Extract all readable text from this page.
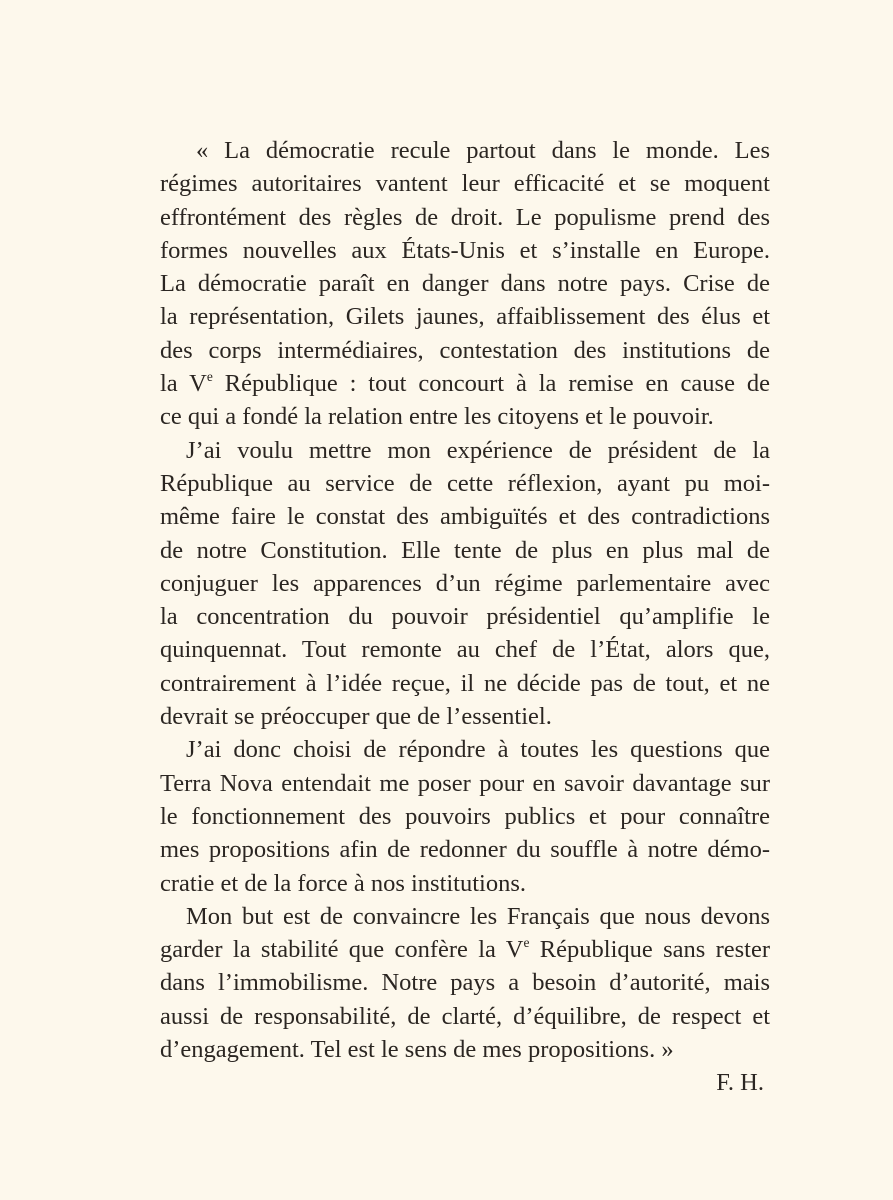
« La démocratie recule partout dans le monde. Les
régimes autoritaires vantent leur efficacité et se moquent
effrontément des règles de droit. Le populisme prend des
formes nouvelles aux États-Unis et s’installe en Europe.
La démocratie paraît en danger dans notre pays. Crise de
la représentation, Gilets jaunes, affaiblissement des élus et
des corps intermédiaires, contestation des institutions de
la Ve République : tout concourt à la remise en cause de
ce qui a fondé la relation entre les citoyens et le pouvoir.

J’ai voulu mettre mon expérience de président de la
République au service de cette réflexion, ayant pu moi-
même faire le constat des ambiguïtés et des contradictions
de notre Constitution. Elle tente de plus en plus mal de
conjuguer les apparences d’un régime parlementaire avec
la concentration du pouvoir présidentiel qu’amplifie le
quinquennat. Tout remonte au chef de l’État, alors que,
contrairement à l’idée reçue, il ne décide pas de tout, et ne
devrait se préoccuper que de l’essentiel.

J’ai donc choisi de répondre à toutes les questions que
Terra Nova entendait me poser pour en savoir davantage sur
le fonctionnement des pouvoirs publics et pour connaître
mes propositions afin de redonner du souffle à notre démo-
cratie et de la force à nos institutions.

Mon but est de convaincre les Français que nous devons
garder la stabilité que confère la Ve République sans rester
dans l’immobilisme. Notre pays a besoin d’autorité, mais
aussi de responsabilité, de clarté, d’équilibre, de respect et
d’engagement. Tel est le sens de mes propositions. »

F. H.
